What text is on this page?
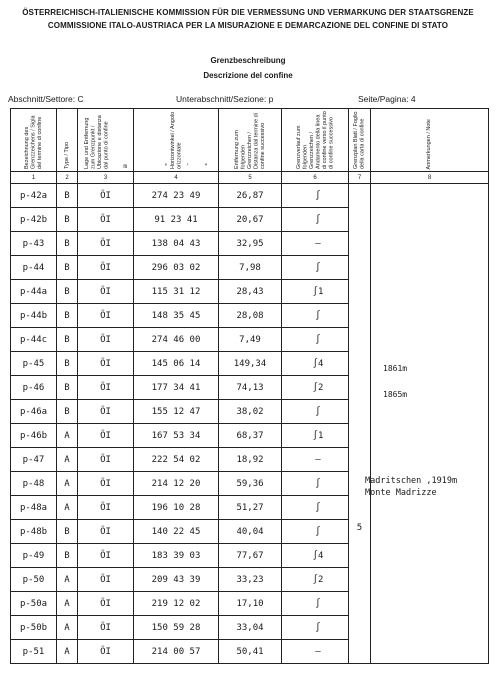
ÖSTERREICHISCH-ITALIENISCHE KOMMISSION FÜR DIE VERMESSUNG UND VERMARKUNG DER STAATSGRENZE
COMMISSIONE ITALO-AUSTRIACA PER LA MISURAZIONE E DEMARCAZIONE DEL CONFINE DI STATO
Grenzbeschreibung
Descrizione del confine
Abschnitt/Settore: C	Unterabschnitt/Sezione: p	Seite/Pagina: 4
Bezeichnung des Grenzzeichens / Sigla del termine di confine	Type / Tipo	Lage und Entfernung zum Grenzpunkt / Ubicazione e distanza dal punto di confine m	Horizontwinkel / Angolo orizzontale
° ' "	Entfernung zum folgenden Grenzzeichen / Distanza dal termine di confine successivo	Grenzverlauf zum folgenden Grenzzeichen / Andamento della linea di confine verso il punto di confine successivo	Grenzplan Blatt / Foglio della carta di confine	Anmerkungen / Note

1	2	3	4	5	6	7	8
p-42a	B	ÖI	274 23 49	26,87	∫	5	1861m
1865m
Madritschen ,1919m
Monte Madrizze

p-42b	B	ÖI	91 23 41	20,67	∫		
p-43	B	ÖI	138 04 43	32,95	—		
p-44	B	ÖI	296 03 02	7,98	∫		
p-44a	B	ÖI	115 31 12	28,43	∫1		
p-44b	B	ÖI	148 35 45	28,08	∫		
p-44c	B	ÖI	274 46 00	7,49	∫		
p-45	B	ÖI	145 06 14	149,34	∫4		
p-46	B	ÖI	177 34 41	74,13	∫2		
p-46a	B	ÖI	155 12 47	38,02	∫		
p-46b	A	ÖI	167 53 34	68,37	∫1		
p-47	A	ÖI	222 54 02	18,92	—		
p-48	A	ÖI	214 12 20	59,36	∫		
p-48a	A	ÖI	196 10 28	51,27	∫		
p-48b	B	ÖI	140 22 45	40,04	∫		
p-49	B	ÖI	183 39 03	77,67	∫4		
p-50	A	ÖI	209 43 39	33,23	∫2		
p-50a	A	ÖI	219 12 02	17,10	∫		
p-50b	A	ÖI	150 59 28	33,04	∫		
p-51	A	ÖI	214 00 57	50,41	—		
